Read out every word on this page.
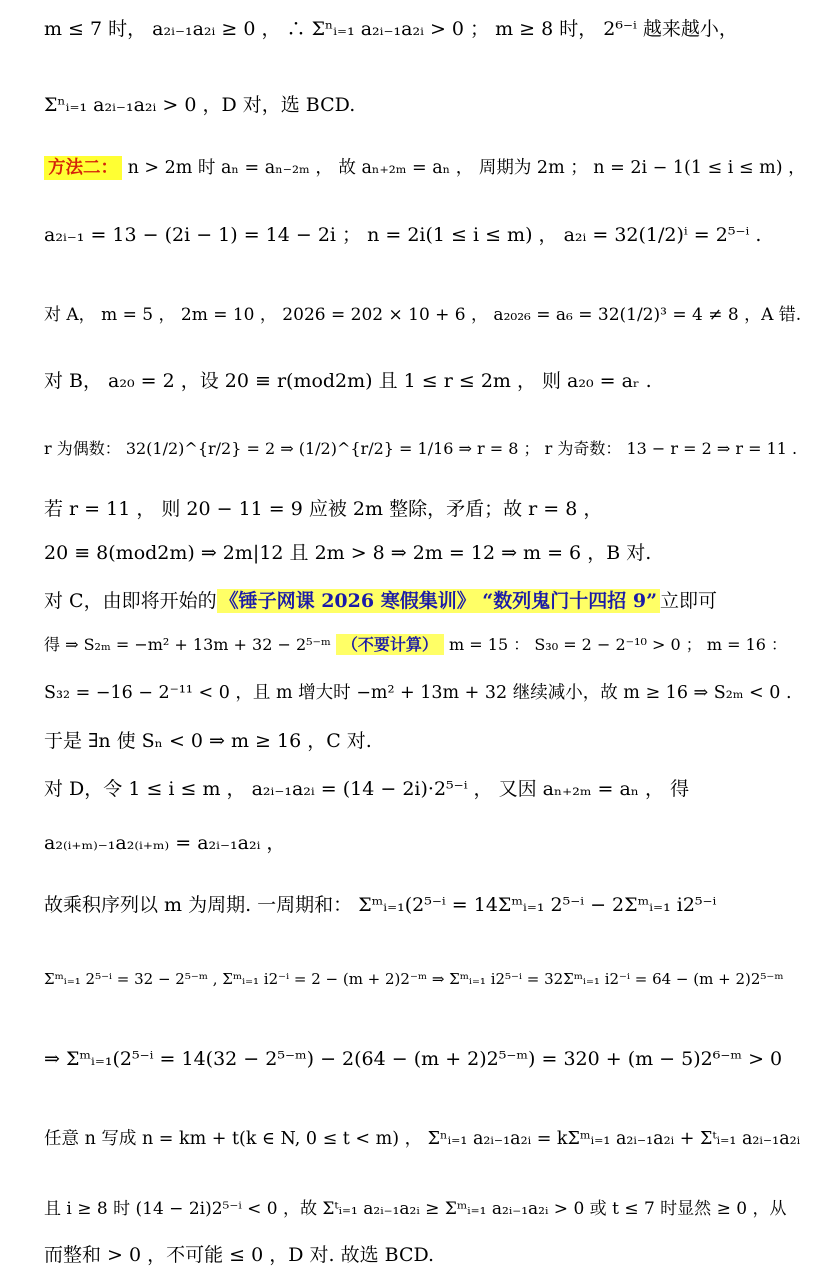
m ≤ 7 时， a₂ᵢ₋₁a₂ᵢ ≥ 0 ， ∴ Σⁿᵢ₌₁ a₂ᵢ₋₁a₂ᵢ > 0 ； m ≥ 8 时， 2⁶⁻ⁱ 越来越小，
Σⁿᵢ₌₁ a₂ᵢ₋₁a₂ᵢ > 0 ，D 对，选 BCD.
方法二： n > 2m 时 aₙ = aₙ₋₂ₘ ， 故 aₙ₊₂ₘ = aₙ ， 周期为 2m ； n = 2i − 1(1 ≤ i ≤ m) ，
a₂ᵢ₋₁ = 13 − (2i − 1) = 14 − 2i ； n = 2i(1 ≤ i ≤ m) ， a₂ᵢ = 32(1/2)ⁱ = 2⁵⁻ⁱ .
对 A， m = 5 ， 2m = 10 ， 2026 = 202 × 10 + 6 ， a₂₀₂₆ = a₆ = 32(1/2)³ = 4 ≠ 8 ，A 错.
对 B， a₂₀ = 2 ，设 20 ≡ r(mod2m) 且 1 ≤ r ≤ 2m ， 则 a₂₀ = aᵣ .
r 为偶数： 32(1/2)^{r/2} = 2 ⇒ (1/2)^{r/2} = 1/16 ⇒ r = 8 ； r 为奇数： 13 − r = 2 ⇒ r = 11 .
若 r = 11 ， 则 20 − 11 = 9 应被 2m 整除，矛盾；故 r = 8 ，
20 ≡ 8(mod2m) ⇒ 2m|12 且 2m > 8 ⇒ 2m = 12 ⇒ m = 6 ，B 对.
对 C，由即将开始的 《锤子网课 2026 寒假集训》 “数列鬼门十四招 9” 立即可
得 ⇒ S₂ₘ = −m² + 13m + 32 − 2⁵⁻ᵐ （不要计算） m = 15 ： S₃₀ = 2 − 2⁻¹⁰ > 0 ； m = 16 ：
S₃₂ = −16 − 2⁻¹¹ < 0 ，且 m 增大时 −m² + 13m + 32 继续减小，故 m ≥ 16 ⇒ S₂ₘ < 0 .
于是 ∃n 使 Sₙ < 0 ⇒ m ≥ 16 ，C 对.
对 D，令 1 ≤ i ≤ m ， a₂ᵢ₋₁a₂ᵢ = (14 − 2i)·2⁵⁻ⁱ ， 又因 aₙ₊₂ₘ = aₙ ， 得
a₂₍ᵢ₊ₘ₎₋₁a₂₍ᵢ₊ₘ₎ = a₂ᵢ₋₁a₂ᵢ ，
故乘积序列以 m 为周期. 一周期和： Σᵐᵢ₌₁(2⁵⁻ⁱ = 14Σᵐᵢ₌₁ 2⁵⁻ⁱ − 2Σᵐᵢ₌₁ i2⁵⁻ⁱ
Σᵐᵢ₌₁ 2⁵⁻ⁱ = 32 − 2⁵⁻ᵐ , Σᵐᵢ₌₁ i2⁻ⁱ = 2 − (m + 2)2⁻ᵐ ⇒ Σᵐᵢ₌₁ i2⁵⁻ⁱ = 32Σᵐᵢ₌₁ i2⁻ⁱ = 64 − (m + 2)2⁵⁻ᵐ
⇒ Σᵐᵢ₌₁(2⁵⁻ⁱ = 14(32 − 2⁵⁻ᵐ) − 2(64 − (m + 2)2⁵⁻ᵐ) = 320 + (m − 5)2⁶⁻ᵐ > 0
任意 n 写成 n = km + t(k ∈ N, 0 ≤ t < m) ， Σⁿᵢ₌₁ a₂ᵢ₋₁a₂ᵢ = kΣᵐᵢ₌₁ a₂ᵢ₋₁a₂ᵢ + Σᵗᵢ₌₁ a₂ᵢ₋₁a₂ᵢ
且 i ≥ 8 时 (14 − 2i)2⁵⁻ⁱ < 0 ，故 Σᵗᵢ₌₁ a₂ᵢ₋₁a₂ᵢ ≥ Σᵐᵢ₌₁ a₂ᵢ₋₁a₂ᵢ > 0 或 t ≤ 7 时显然 ≥ 0 ，从
而整和 > 0 ，不可能 ≤ 0 ，D 对. 故选 BCD.
